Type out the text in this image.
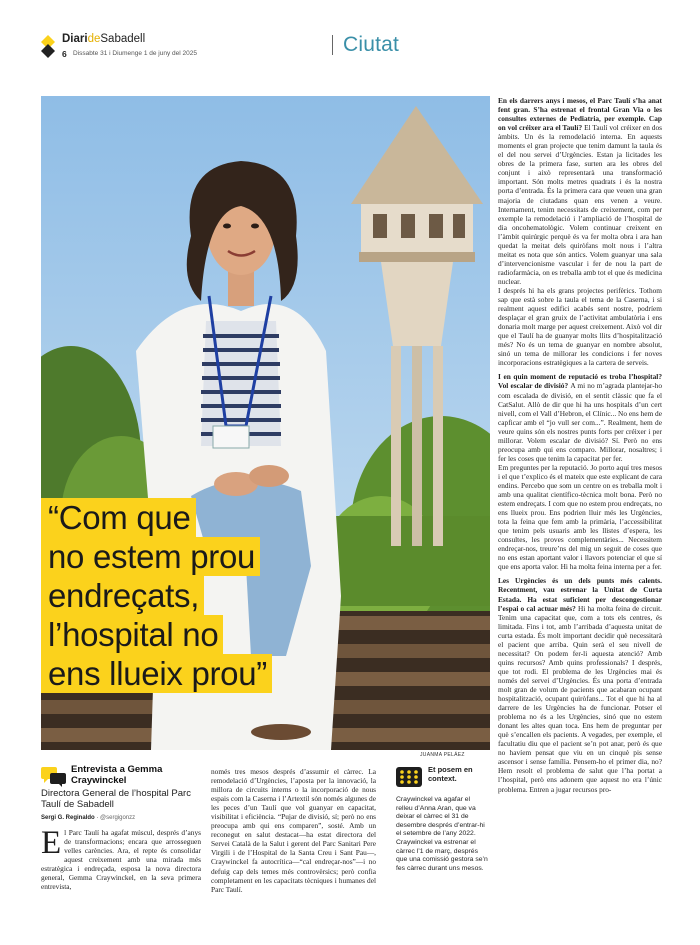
DiarideSabadell
6 Dissabte 31 i Diumenge 1 de juny del 2025	Ciutat
JUANMA PELÁEZ
“Com que
no estem prou
endreçats,
l’hospital no
ens llueix prou”

En els darrers anys i mesos, el Parc Taulí s’ha anat fent gran. S’ha estrenat el frontal Gran Via o les consultes externes de Pediatria, per exemple. Cap on vol créixer ara el Taulí? El Taulí vol créixer en dos àmbits. Un és la remodelació interna. En aquests moments el gran projecte que tenim damunt la taula és el del nou servei d’Urgències. Estan ja licitades les obres de la primera fase, surten ara les obres del conjunt i això representarà una transformació important. Són molts metres quadrats i és la nostra porta d’entrada. És la primera cara que veuen una gran majoria de ciutadans quan ens venen a veure. Internament, tenim necessitats de creixement, com per exemple la remodelació i l’ampliació de l’hospital de dia oncohematològic. Volem continuar creixent en l’àmbit quirúrgic perquè és va fer molta obra i ara han quedat la meitat dels quiròfans molt nous i l’altra meitat es nota que són antics. Volem guanyar una sala d’intervencionisme vascular i fer de nou la part de radiofarmàcia, on es treballa amb tot el que és medicina nuclear.

I després hi ha els grans projectes perifèrics. Tothom sap que està sobre la taula el tema de la Caserna, i si realment aquest edifici acabés sent nostre, podríem desplaçar el gran gruix de l’activitat ambulatòria i ens donaria molt marge per aquest creixement. Això vol dir que el Taulí ha de guanyar molts llits d’hospitalització més? No és un tema de guanyar en nombre absolut, sinó un tema de millorar les condicions i fer noves incorporacions estratègiques a la cartera de serveis.

I en quin moment de reputació es troba l’hospital? Vol escalar de divisió? A mi no m’agrada plantejar-ho com escalada de divisió, en el sentit clàssic que fa el CatSalut. Allò de dir que hi ha uns hospitals d’un cert nivell, com el Vall d’Hebron, el Clínic... No ens hem de capficar amb el “jo vull ser com...”. Realment, hem de veure quins són els nostres punts forts per créixer i per millorar. Volem escalar de divisió? Sí. Però no ens preocupa amb qui ens comparo. Millorar, nosaltres; i fer les coses que tenim la capacitat per fer.

Em preguntes per la reputació. Jo porto aquí tres mesos i el que t’explico és el mateix que este explicant de cara endins. Percebo que som un centre on es treballa molt i amb una qualitat científico-tècnica molt bona. Però no estem endreçats. I com que no estem prou endreçats, no ens llueix prou. Ens podrien lluir més les Urgències, tota la feina que fem amb la primària, l’accessibilitat que tenim pels usuaris amb les llistes d’espera, les consultes, les proves complementàries... Necessitem endreçar-nos, treure’ns del mig un seguit de coses que no ens estan aportant valor i llavors potenciar el que sí que ens aporta valor. Hi ha molta feina interna per a fer.

Les Urgències és un dels punts més calents. Recentment, vau estrenar la Unitat de Curta Estada. Ha estat suficient per descongestionar l’espai o cal actuar més? Hi ha molta feina de circuit. Tenim una capacitat que, com a tots els centres, és limitada. Fins i tot, amb l’arribada d’aquesta unitat de curta estada. És molt important decidir què necessitarà el pacient que arriba. Quin serà el seu nivell de necessitat? On podem fer-li aquesta atenció? Amb quins recursos? Amb quins professionals? I després, que tot rodi. El problema de les Urgències mai és només del servei d’Urgències. És una porta d’entrada molt gran de volum de pacients que acabaran ocupant hospitalització, ocupant quiròfans... Tot el que hi ha al darrere de les Urgències ha de funcionar. Potser el problema no és a les Urgències, sinó que no estem donant les altes quan toca. Ens hem de preguntar per què s’encallen els pacients. A vegades, per exemple, el facultatiu diu que el pacient se’n pot anar, però és que no havíem pensat que viu en un cinquè pis sense ascensor i sense família. Pensem-ho el primer dia, no? Hem resolt el problema de salut que l’ha portat a l’hospital, però ens adonem que aquest no era l’únic problema. Entren a jugar recursos pro-

Entrevista a Gemma Craywinckel
Directora General de l’hospital Parc Taulí de Sabadell
Sergi G. Reginaldo · @sergigonzz
El Parc Taulí ha agafat múscul, després d’anys de transformacions; encara que arrosseguen velles carències. Ara, el repte és consolidar aquest creixement amb una mirada més estratègica i endreçada, esposa la nova directora general, Gemma Craywinckel, en la seva primera entrevista,
només tres mesos després d’assumir el càrrec. La remodelació d’Urgències, l’aposta per la innovació, la millora de circuits interns o la incorporació de nous espais com la Caserna i l’Artextil són només algunes de les peces d’un Taulí que vol guanyar en capacitat, visibilitat i eficiència. “Pujar de divisió, sí; però no ens preocupa amb qui ens comparen”, sosté. Amb un reconegut en salut destacat—ha estat directora del Servei Català de la Salut i gerent del Parc Sanitari Pere Virgili i de l’Hospital de la Santa Creu i Sant Pau—, Craywinckel fa autocrítica—“cal endreçar-nos”—i no defuig cap dels temes més controvèrsics; però confia completament en les capacitats tècniques i humanes del Parc Taulí.
Et posem en context.
Craywinckel va agafar el relleu d’Anna Aran, que va deixar el càrrec el 31 de desembre després d’entrar-hi el setembre de l’any 2022. Craywinckel va estrenar el càrrec l’1 de març, després que una comissió gestora se’n fes càrrec durant uns mesos.
